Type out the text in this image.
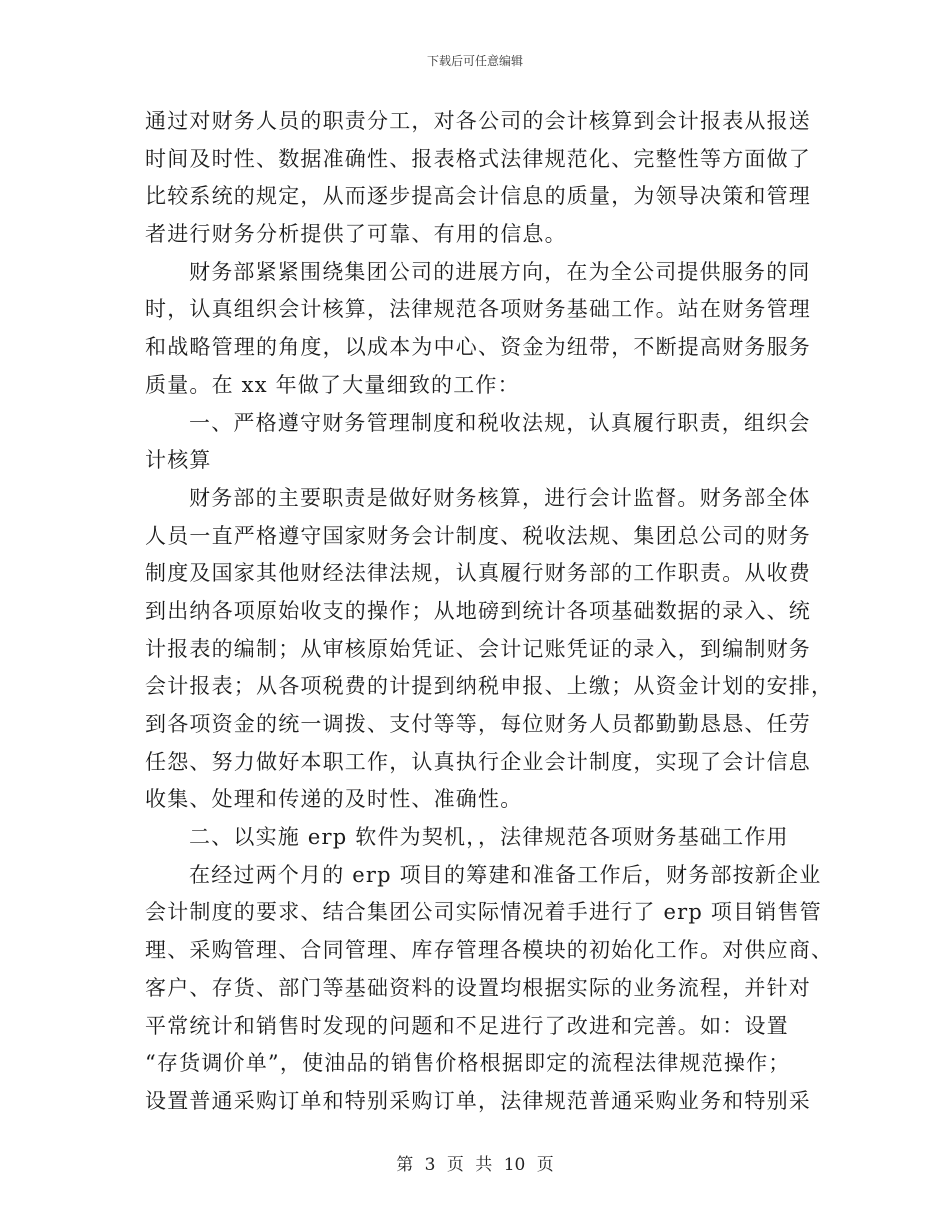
下载后可任意编辑
通过对财务人员的职责分工，对各公司的会计核算到会计报表从报送
时间及时性、数据准确性、报表格式法律规范化、完整性等方面做了
比较系统的规定，从而逐步提高会计信息的质量，为领导决策和管理
者进行财务分析提供了可靠、有用的信息。
财务部紧紧围绕集团公司的进展方向，在为全公司提供服务的同
时，认真组织会计核算，法律规范各项财务基础工作。站在财务管理
和战略管理的角度，以成本为中心、资金为纽带，不断提高财务服务
质量。在 xx 年做了大量细致的工作：
一、严格遵守财务管理制度和税收法规，认真履行职责，组织会
计核算
财务部的主要职责是做好财务核算，进行会计监督。财务部全体
人员一直严格遵守国家财务会计制度、税收法规、集团总公司的财务
制度及国家其他财经法律法规，认真履行财务部的工作职责。从收费
到出纳各项原始收支的操作；从地磅到统计各项基础数据的录入、统
计报表的编制；从审核原始凭证、会计记账凭证的录入，到编制财务
会计报表；从各项税费的计提到纳税申报、上缴；从资金计划的安排，
到各项资金的统一调拨、支付等等，每位财务人员都勤勤恳恳、任劳
任怨、努力做好本职工作，认真执行企业会计制度，实现了会计信息
收集、处理和传递的及时性、准确性。
二、以实施 erp 软件为契机，，法律规范各项财务基础工作用
在经过两个月的 erp 项目的筹建和准备工作后，财务部按新企业
会计制度的要求、结合集团公司实际情况着手进行了 erp 项目销售管
理、采购管理、合同管理、库存管理各模块的初始化工作。对供应商、
客户、存货、部门等基础资料的设置均根据实际的业务流程，并针对
平常统计和销售时发现的问题和不足进行了改进和完善。如：设置
“存货调价单”，使油品的销售价格根据即定的流程法律规范操作；
设置普通采购订单和特别采购订单，法律规范普通采购业务和特别采
第 3 页 共 10 页
